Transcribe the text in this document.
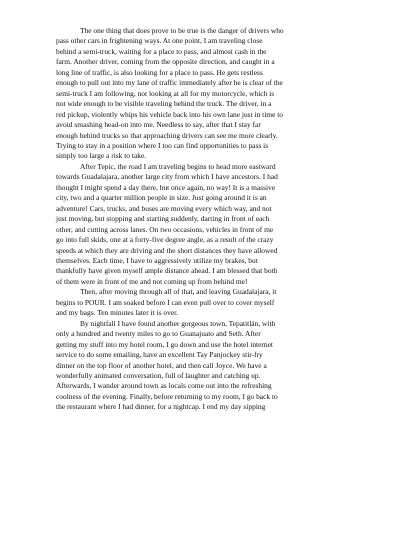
The one thing that does prove to be true is the danger of drivers who
pass other cars in frightening ways. At one point, I am traveling close
behind a semi-truck, waiting for a place to pass, and almost cash in the
farm. Another driver, coming from the opposite direction, and caught in a
long line of traffic, is also looking for a place to pass. He gets restless
enough to pull out into my lane of traffic immediately after he is clear of the
semi-truck I am following, not looking at all for my motorcycle, which is
not wide enough to be visible traveling behind the truck. The driver, in a
red pickup, violently whips his vehicle back into his own lane just in time to
avoid smashing head-on into me. Needless to say, after that I stay far
enough behind trucks so that approaching drivers can see me more clearly.
Trying to stay in a position where I too can find opportunities to pass is
simply too large a risk to take.

After Tepic, the road I am traveling begins to head more eastward
towards Guadalajara, another large city from which I have ancestors. I had
thought I might spend a day there, but once again, no way! It is a massive
city, two and a quarter million people in size. Just going around it is an
adventure! Cars, trucks, and buses are moving every which way, and not
just moving, but stopping and starting suddenly, darting in front of each
other, and cutting across lanes. On two occasions, vehicles in front of me
go into full skids, one at a forty-five degree angle, as a result of the crazy
speeds at which they are driving and the short distances they have allowed
themselves. Each time, I have to aggressively utilize my brakes, but
thankfully have given myself ample distance ahead. I am blessed that both
of them were in front of me and not coming up from behind me!

Then, after moving through all of that, and leaving Guadalajara, it
begins to POUR. I am soaked before I can even pull over to cover myself
and my bags. Ten minutes later it is over.

By nightfall I have found another gorgeous town, Tepatitlán, with
only a hundred and twenty miles to go to Guanajuato and Seth. After
getting my stuff into my hotel room, I go down and use the hotel internet
service to do some emailing, have an excellent Tay Panjockey stir-fry
dinner on the top floor of another hotel, and then call Joyce. We have a
wonderfully animated conversation, full of laughter and catching up.
Afterwards, I wander around town as locals come out into the refreshing
coolness of the evening. Finally, before returning to my room, I go back to
the restaurant where I had dinner, for a nightcap. I end my day sipping
